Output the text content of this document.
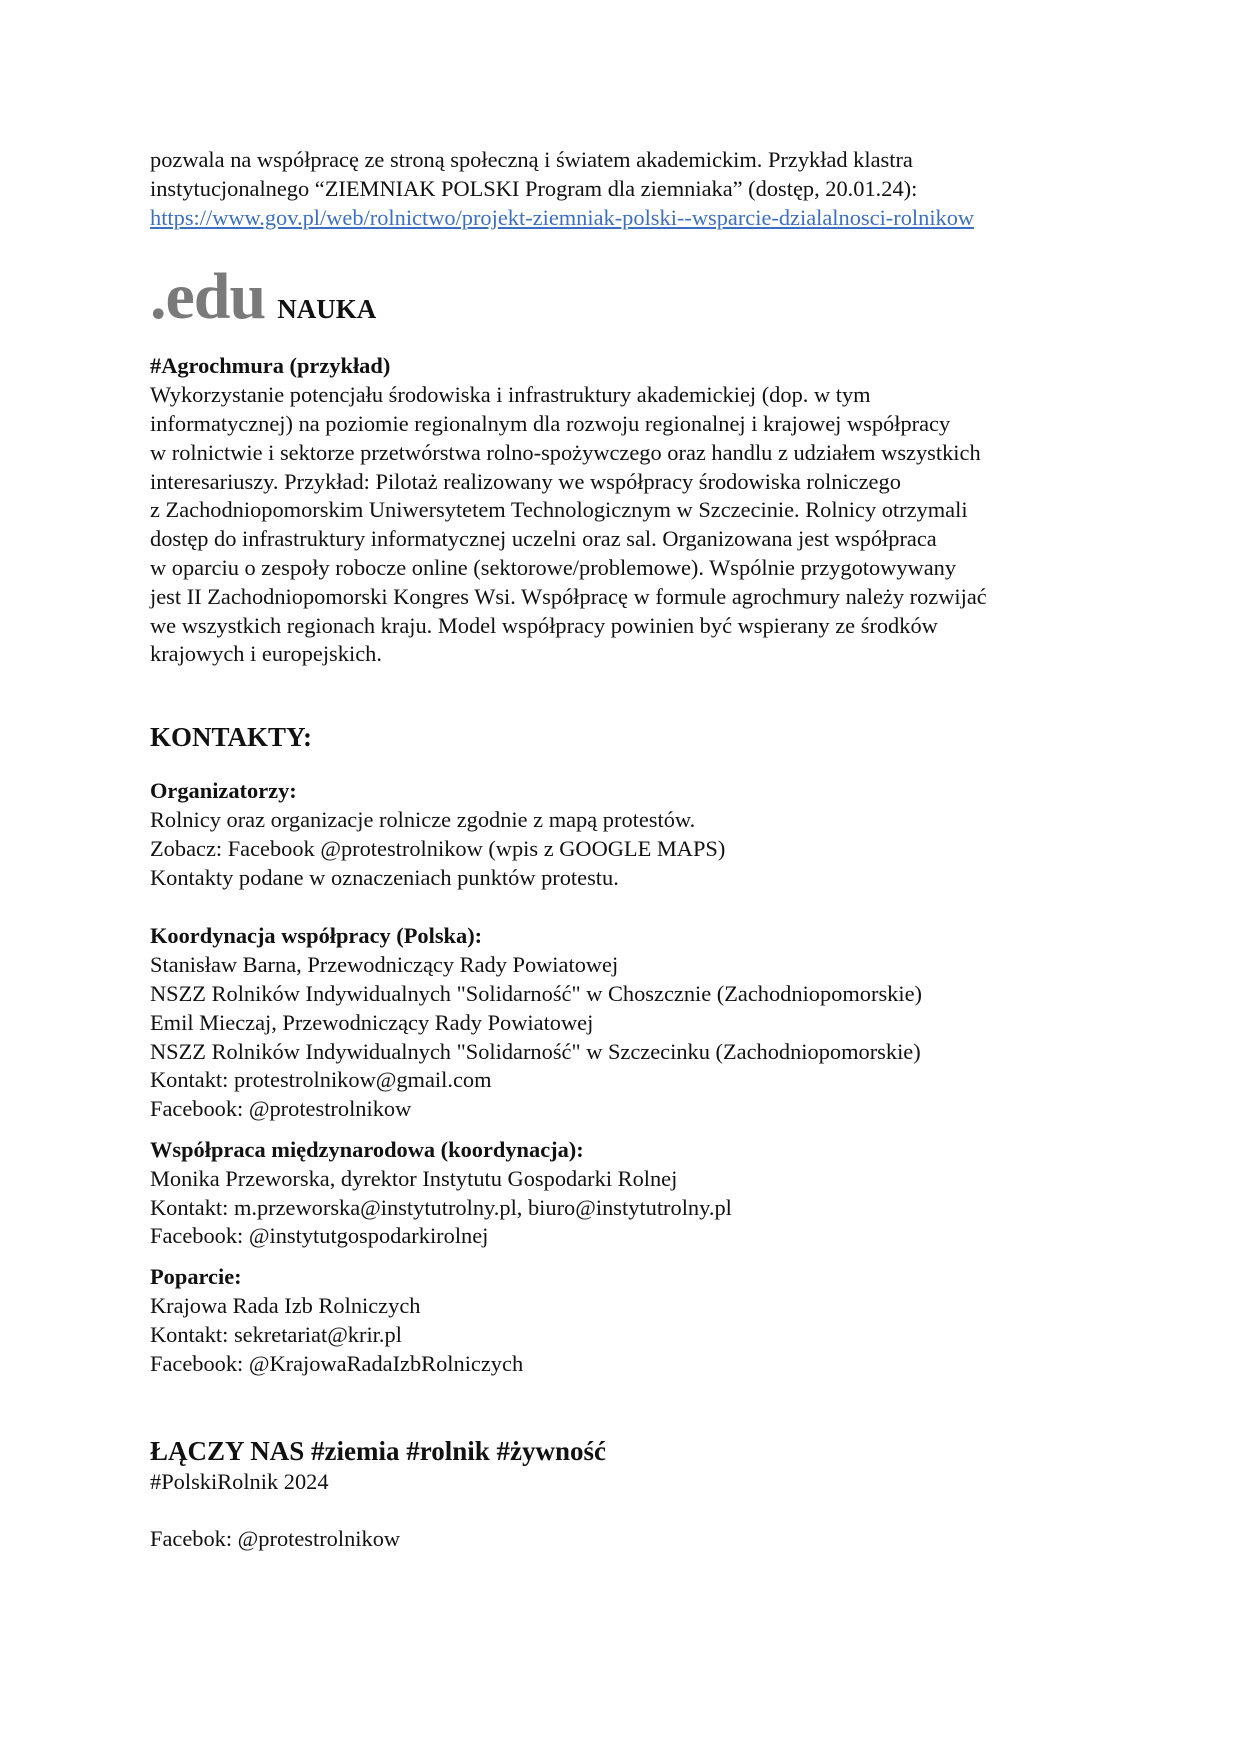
pozwala na współpracę ze stroną społeczną i światem akademickim. Przykład klastra
instytucjonalnego “ZIEMNIAK POLSKI Program dla ziemniaka” (dostęp, 20.01.24):
https://www.gov.pl/web/rolnictwo/projekt-ziemniak-polski--wsparcie-dzialalnosci-rolnikow

.edu NAUKA
#Agrochmura (przykład)

Wykorzystanie potencjału środowiska i infrastruktury akademickiej (dop. w tym
informatycznej) na poziomie regionalnym dla rozwoju regionalnej i krajowej współpracy
w rolnictwie i sektorze przetwórstwa rolno-spożywczego oraz handlu z udziałem wszystkich
interesariuszy. Przykład: Pilotaż realizowany we współpracy środowiska rolniczego
z Zachodniopomorskim Uniwersytetem Technologicznym w Szczecinie. Rolnicy otrzymali
dostęp do infrastruktury informatycznej uczelni oraz sal. Organizowana jest współpraca
w oparciu o zespoły robocze online (sektorowe/problemowe). Wspólnie przygotowywany
jest II Zachodniopomorski Kongres Wsi. Współpracę w formule agrochmury należy rozwijać
we wszystkich regionach kraju. Model współpracy powinien być wspierany ze środków
krajowych i europejskich.

KONTAKTY:
Organizatorzy:

Rolnicy oraz organizacje rolnicze zgodnie z mapą protestów.
Zobacz: Facebook @protestrolnikow (wpis z GOOGLE MAPS)
Kontakty podane w oznaczeniach punktów protestu.

Koordynacja współpracy (Polska):

Stanisław Barna, Przewodniczący Rady Powiatowej
NSZZ Rolników Indywidualnych "Solidarność" w Choszcznie (Zachodniopomorskie)
Emil Mieczaj, Przewodniczący Rady Powiatowej
NSZZ Rolników Indywidualnych "Solidarność" w Szczecinku (Zachodniopomorskie)
Kontakt: protestrolnikow@gmail.com
Facebook: @protestrolnikow

Współpraca międzynarodowa (koordynacja):

Monika Przeworska, dyrektor Instytutu Gospodarki Rolnej
Kontakt: m.przeworska@instytutrolny.pl, biuro@instytutrolny.pl
Facebook: @instytutgospodarkirolnej

Poparcie:

Krajowa Rada Izb Rolniczych
Kontakt: sekretariat@krir.pl
Facebook: @KrajowaRadaIzbRolniczych

ŁĄCZY NAS #ziemia #rolnik #żywność

#PolskiRolnik 2024

Facebok: @protestrolnikow
